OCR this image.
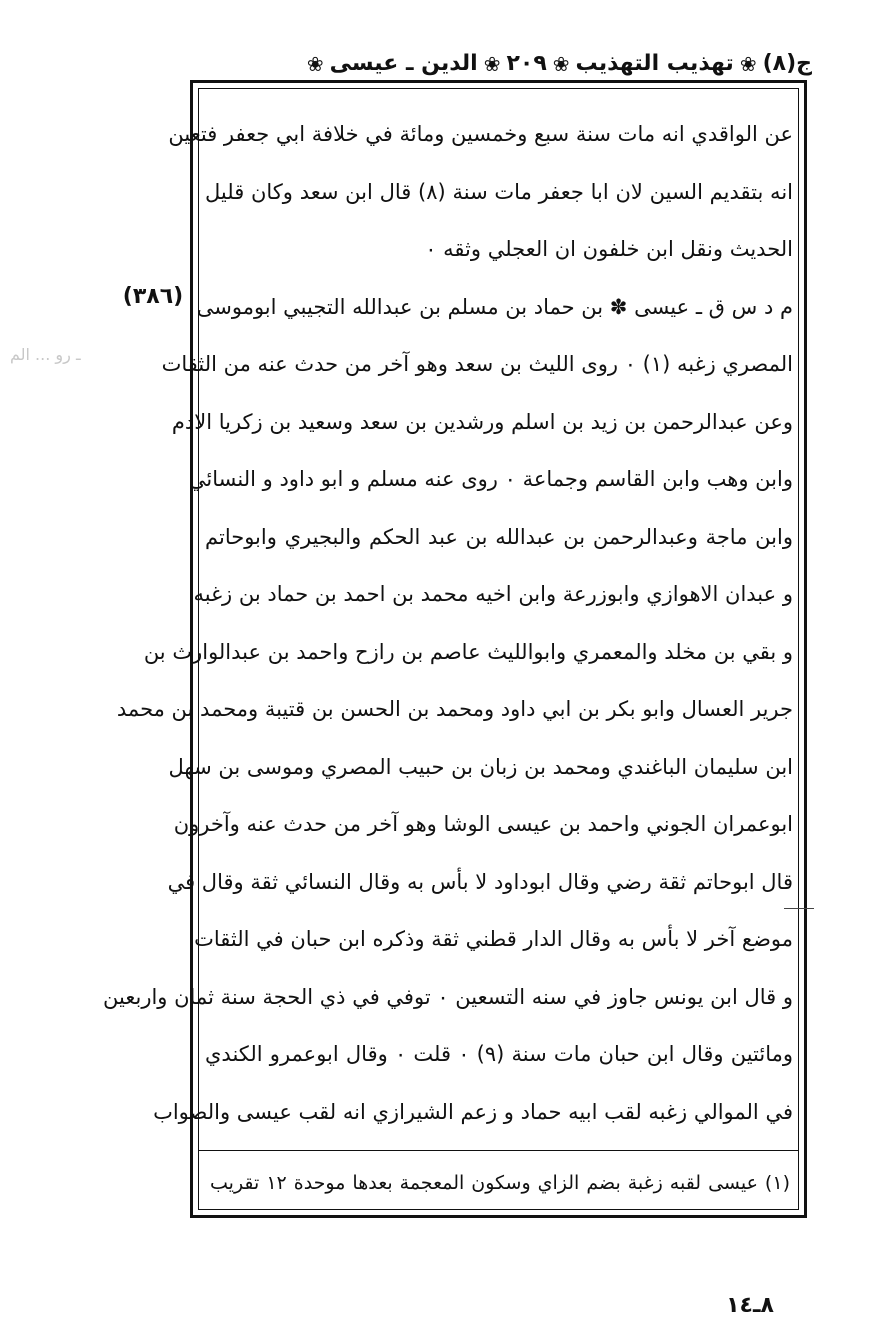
ج(٨)
❀
تهذيب التهذيب
❀
٢٠٩
❀
الدين ـ عيسى
❀
(٣٨٦)
ـ رو ... الم
عن الواقدي انه مات سنة سبع وخمسين ومائة في خلافة ابي جعفر فتعين
انه بتقديم السين لان ابا جعفر مات سنة (٨) قال ابن سعد وكان قليل
الحديث ونقل ابن خلفون ان العجلي وثقه ٠
م د س ق ـ عيسى ✽ بن حماد بن مسلم بن عبدالله التجيبي ابوموسى
المصري زغبه (١) ٠ روى الليث بن سعد وهو آخر من حدث عنه من الثقات
وعن عبدالرحمن بن زيد بن اسلم ورشدين بن سعد وسعيد بن زكريا الادم
وابن وهب وابن القاسم وجماعة ٠ روى عنه مسلم و ابو داود و النسائي
وابن ماجة وعبدالرحمن بن عبدالله بن عبد الحكم والبجيري وابوحاتم
و عبدان الاهوازي وابوزرعة وابن اخيه محمد بن احمد بن حماد بن زغبه
و بقي بن مخلد والمعمري وابوالليث عاصم بن رازح واحمد بن عبدالوارث بن
جرير العسال وابو بكر بن ابي داود ومحمد بن الحسن بن قتيبة ومحمد بن محمد
ابن سليمان الباغندي ومحمد بن زبان بن حبيب المصري وموسى بن سهل
ابوعمران الجوني واحمد بن عيسى الوشا وهو آخر من حدث عنه وآخرون
قال ابوحاتم ثقة رضي وقال ابوداود لا بأس به وقال النسائي ثقة وقال في
موضع آخر لا بأس به وقال الدار قطني ثقة وذكره ابن حبان في الثقات
و قال ابن يونس جاوز في سنه التسعين ٠ توفي في ذي الحجة سنة ثمان واربعين
ومائتين وقال ابن حبان مات سنة (٩) ٠ قلت ٠ وقال ابوعمرو الكندي
في الموالي زغبه لقب ابيه حماد و زعم الشيرازي انه لقب عيسى والصواب
(١) عيسى لقبه زغبة بضم الزاي وسكون المعجمة بعدها موحدة ١٢ تقريب
٨ـ١٤
